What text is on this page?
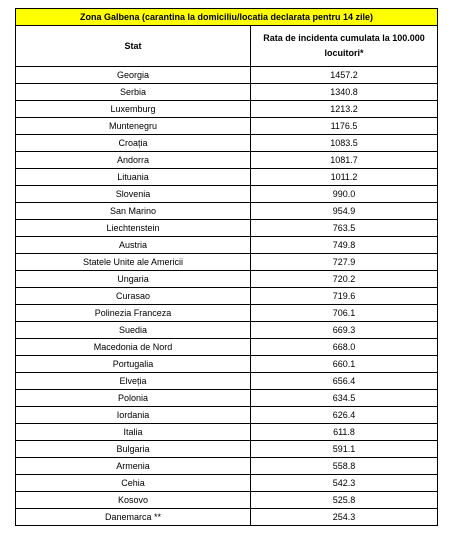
Zona Galbena (carantina la domiciliu/locatia declarata pentru 14 zile)	
Stat	Rata de incidenta cumulata la 100.000 locuitori*
Georgia	1457.2
Serbia	1340.8
Luxemburg	1213.2
Muntenegru	1176.5
Croația	1083.5
Andorra	1081.7
Lituania	1011.2
Slovenia	990.0
San Marino	954.9
Liechtenstein	763.5
Austria	749.8
Statele Unite ale Americii	727.9
Ungaria	720.2
Curasao	719.6
Polinezia Franceza	706.1
Suedia	669.3
Macedonia de Nord	668.0
Portugalia	660.1
Elveția	656.4
Polonia	634.5
Iordania	626.4
Italia	611.8
Bulgaria	591.1
Armenia	558.8
Cehia	542.3
Kosovo	525.8
Danemarca **	254.3
